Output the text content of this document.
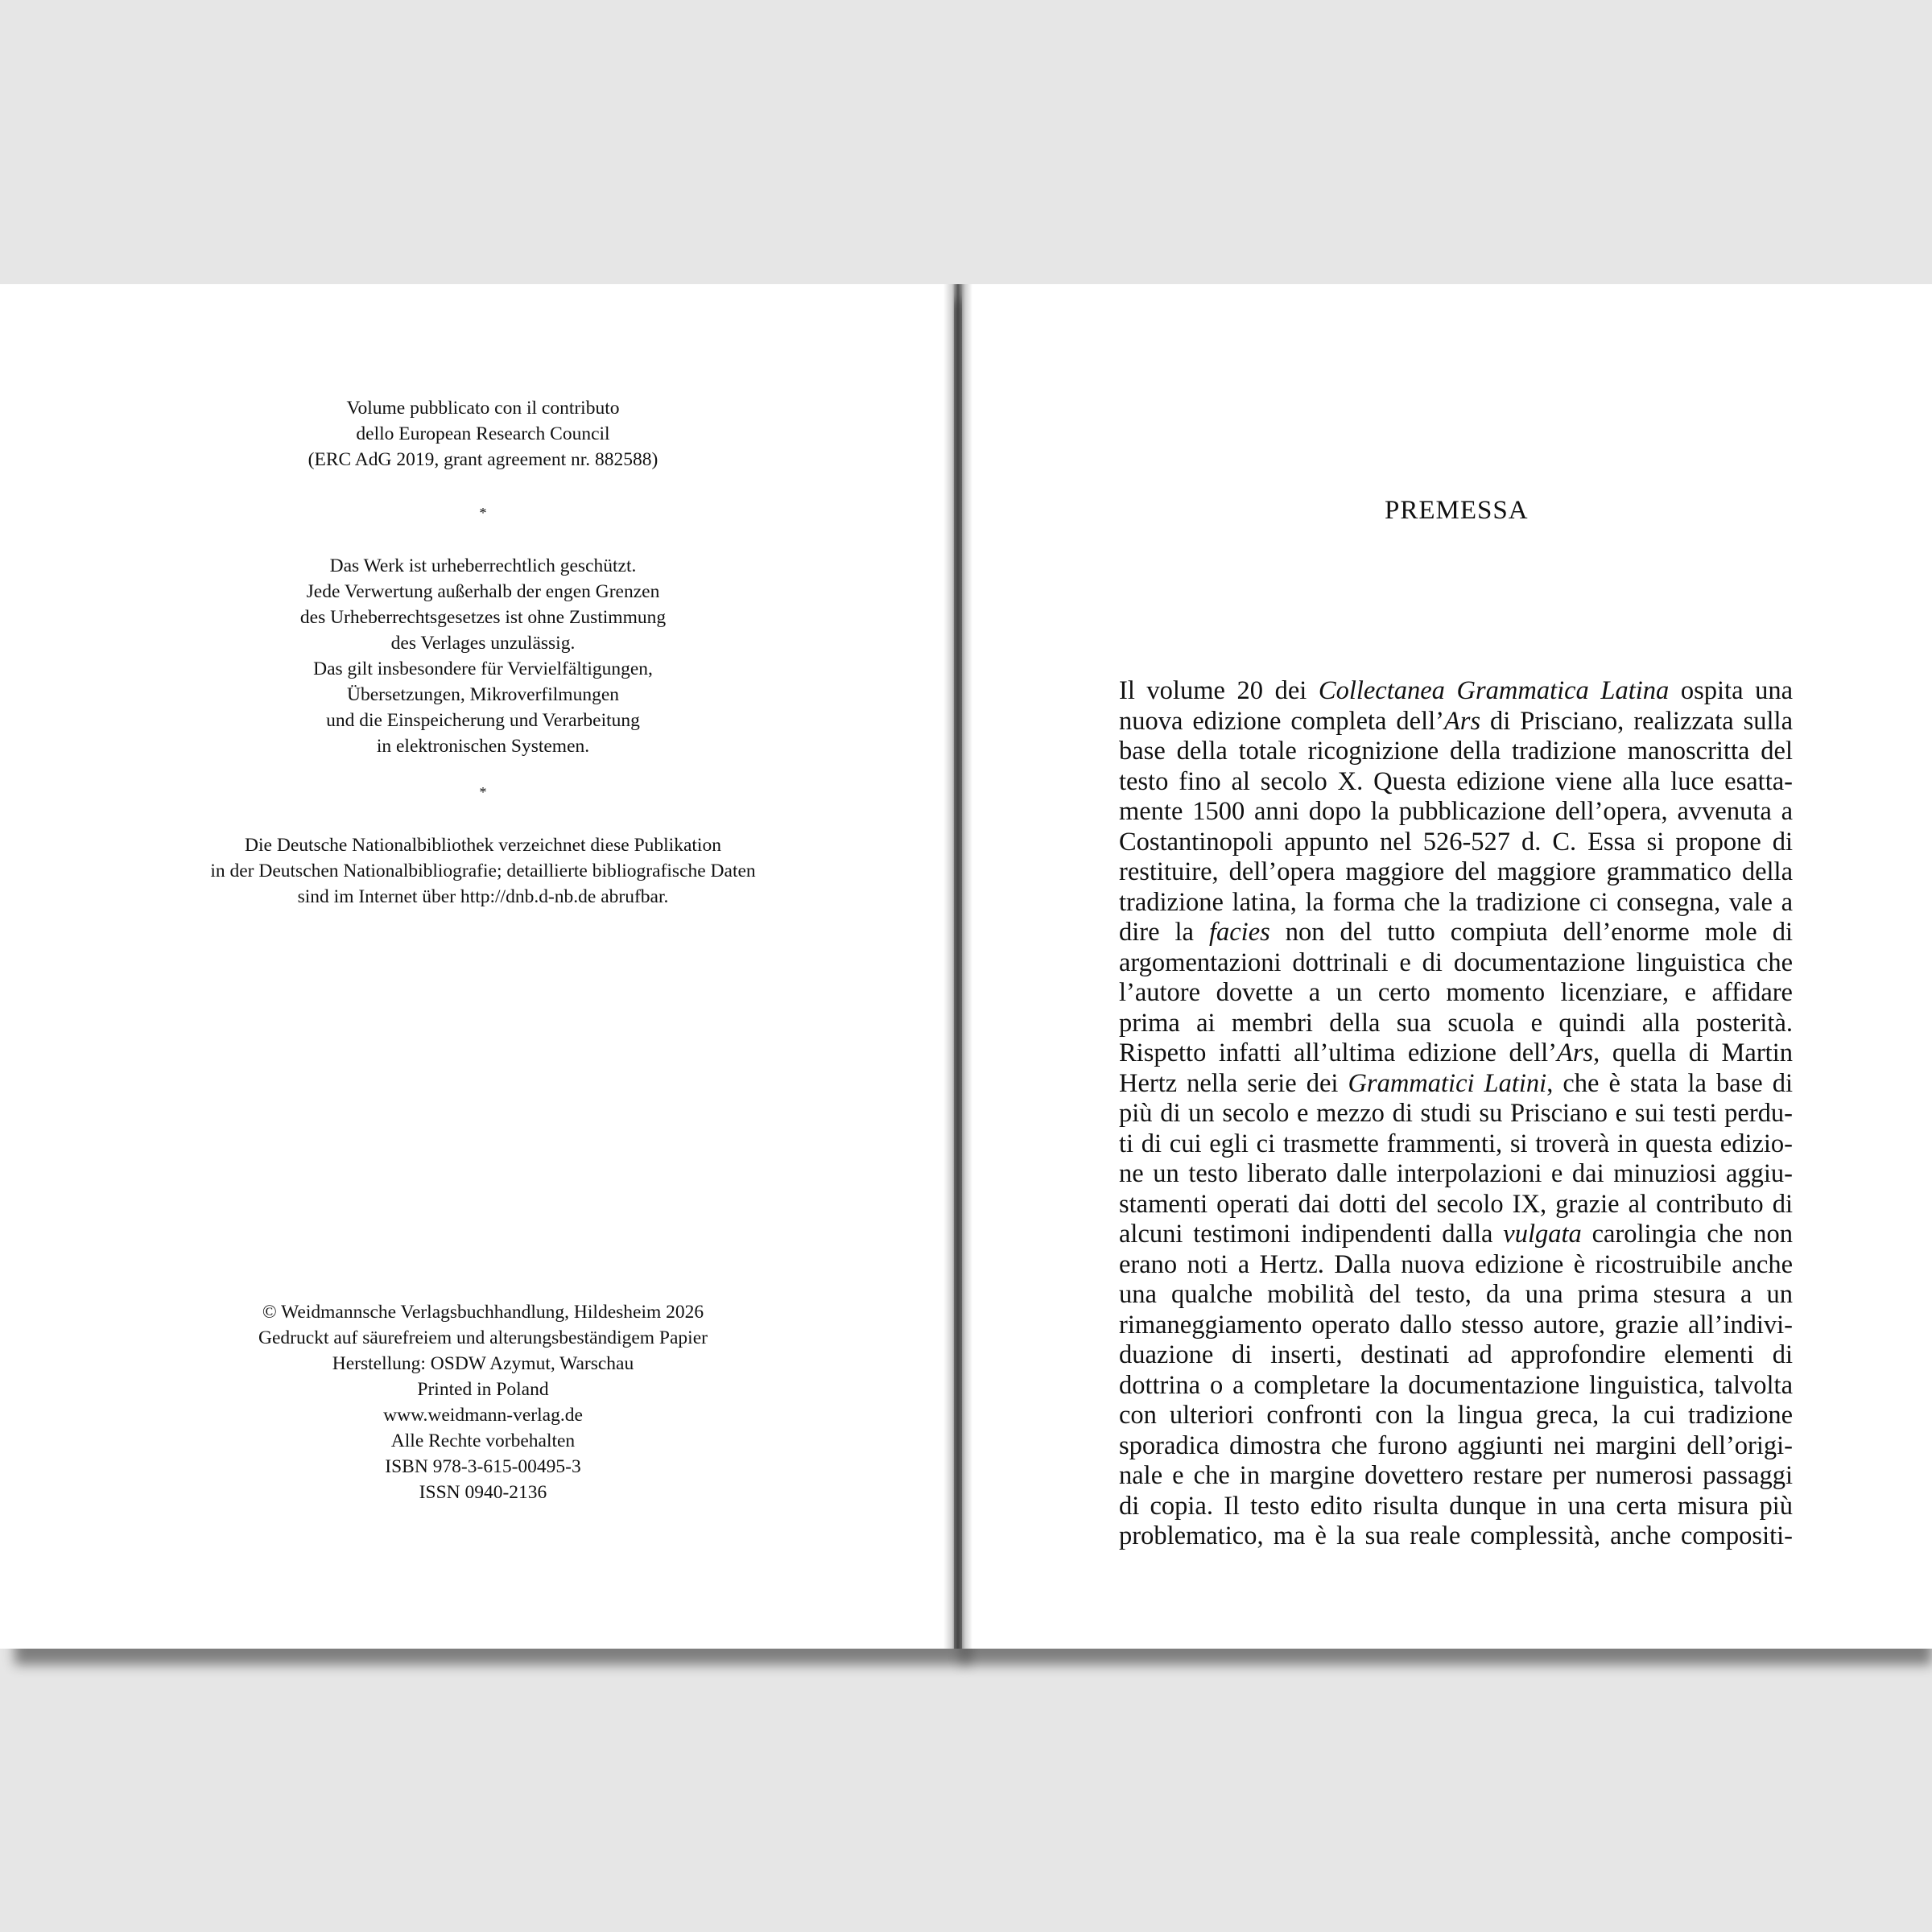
Volume pubblicato con il contributo
dello European Research Council
(ERC AdG 2019, grant agreement nr. 882588)
*
Das Werk ist urheberrechtlich geschützt.
Jede Verwertung außerhalb der engen Grenzen
des Urheberrechtsgesetzes ist ohne Zustimmung
des Verlages unzulässig.
Das gilt insbesondere für Vervielfältigungen,
Übersetzungen, Mikroverfilmungen
und die Einspeicherung und Verarbeitung
in elektronischen Systemen.
*
Die Deutsche Nationalbibliothek verzeichnet diese Publikation
in der Deutschen Nationalbibliografie; detaillierte bibliografische Daten
sind im Internet über http://dnb.d-nb.de abrufbar.
© Weidmannsche Verlagsbuchhandlung, Hildesheim 2026
Gedruckt auf säurefreiem und alterungsbeständigem Papier
Herstellung: OSDW Azymut, Warschau
Printed in Poland
www.weidmann-verlag.de
Alle Rechte vorbehalten
ISBN 978-3-615-00495-3
ISSN 0940-2136
PREMESSA
Il volume 20 dei Collectanea Grammatica Latina ospita una
nuova edizione completa dell’Ars di Prisciano, realizzata sulla
base della totale ricognizione della tradizione manoscritta del
testo fino al secolo X. Questa edizione viene alla luce esatta-
mente 1500 anni dopo la pubblicazione dell’opera, avvenuta a
Costantinopoli appunto nel 526-527 d. C. Essa si propone di
restituire, dell’opera maggiore del maggiore grammatico della
tradizione latina, la forma che la tradizione ci consegna, vale a
dire la facies non del tutto compiuta dell’enorme mole di
argomentazioni dottrinali e di documentazione linguistica che
l’autore dovette a un certo momento licenziare, e affidare
prima ai membri della sua scuola e quindi alla posterità.
Rispetto infatti all’ultima edizione dell’Ars, quella di Martin
Hertz nella serie dei Grammatici Latini, che è stata la base di
più di un secolo e mezzo di studi su Prisciano e sui testi perdu-
ti di cui egli ci trasmette frammenti, si troverà in questa edizio-
ne un testo liberato dalle interpolazioni e dai minuziosi aggiu-
stamenti operati dai dotti del secolo IX, grazie al contributo di
alcuni testimoni indipendenti dalla vulgata carolingia che non
erano noti a Hertz. Dalla nuova edizione è ricostruibile anche
una qualche mobilità del testo, da una prima stesura a un
rimaneggiamento operato dallo stesso autore, grazie all’indivi-
duazione di inserti, destinati ad approfondire elementi di
dottrina o a completare la documentazione linguistica, talvolta
con ulteriori confronti con la lingua greca, la cui tradizione
sporadica dimostra che furono aggiunti nei margini dell’origi-
nale e che in margine dovettero restare per numerosi passaggi
di copia. Il testo edito risulta dunque in una certa misura più
problematico, ma è la sua reale complessità, anche compositi-
